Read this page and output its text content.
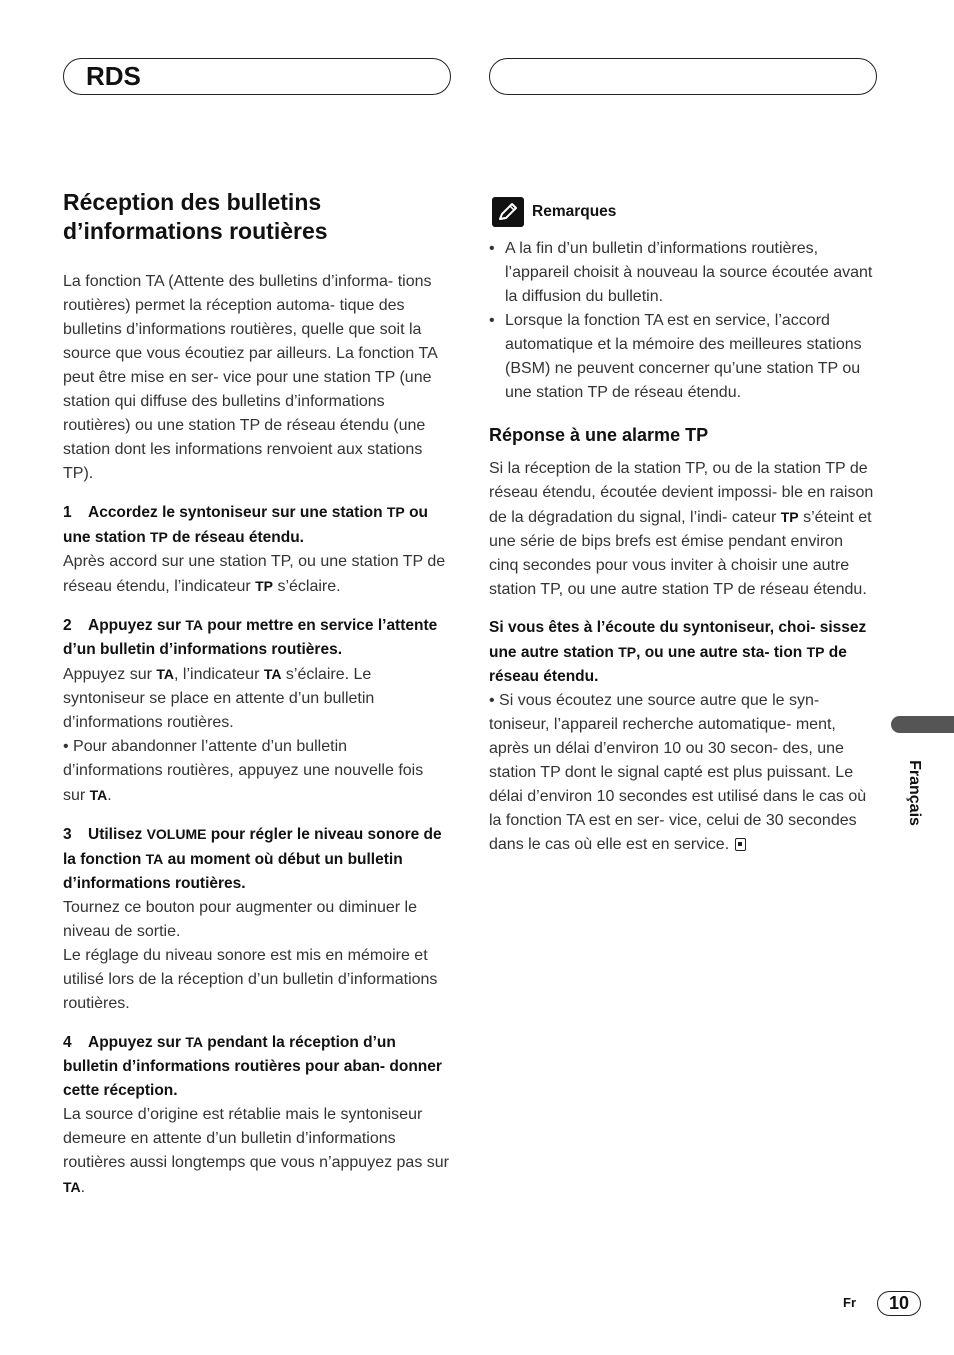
RDS
Réception des bulletins
d’informations routières

La fonction TA (Attente des bulletins d’informa- tions routières) permet la réception automa- tique des bulletins d’informations routières, quelle que soit la source que vous écoutiez par ailleurs. La fonction TA peut être mise en ser- vice pour une station TP (une station qui diffuse des bulletins d’informations routières) ou une station TP de réseau étendu (une station dont les informations renvoient aux stations TP).

1 Accordez le syntoniseur sur une station TP ou une station TP de réseau étendu.

Après accord sur une station TP, ou une station TP de réseau étendu, l’indicateur TP s’éclaire.

2 Appuyez sur TA pour mettre en service l’attente d’un bulletin d’informations routières.

Appuyez sur TA, l’indicateur TA s’éclaire. Le syntoniseur se place en attente d’un bulletin d’informations routières.

• Pour abandonner l’attente d’un bulletin d’informations routières, appuyez une nouvelle fois sur TA.

3 Utilisez VOLUME pour régler le niveau sonore de la fonction TA au moment où début un bulletin d’informations routières.

Tournez ce bouton pour augmenter ou diminuer le niveau de sortie.

Le réglage du niveau sonore est mis en mémoire et utilisé lors de la réception d’un bulletin d’informations routières.

4 Appuyez sur TA pendant la réception d’un bulletin d’informations routières pour aban- donner cette réception.

La source d’origine est rétablie mais le syntoniseur demeure en attente d’un bulletin d’informations routières aussi longtemps que vous n’appuyez pas sur TA.

Remarques
• A la fin d’un bulletin d’informations routières, l’appareil choisit à nouveau la source écoutée avant la diffusion du bulletin.
• Lorsque la fonction TA est en service, l’accord automatique et la mémoire des meilleures stations (BSM) ne peuvent concerner qu’une station TP ou une station TP de réseau étendu.
Réponse à une alarme TP

Si la réception de la station TP, ou de la station TP de réseau étendu, écoutée devient impossi- ble en raison de la dégradation du signal, l’indi- cateur TP s’éteint et une série de bips brefs est émise pendant environ cinq secondes pour vous inviter à choisir une autre station TP, ou une autre station TP de réseau étendu.

Si vous êtes à l’écoute du syntoniseur, choi- sissez une autre station TP, ou une autre sta- tion TP de réseau étendu.

• Si vous écoutez une source autre que le syn- toniseur, l’appareil recherche automatique- ment, après un délai d’environ 10 ou 30 secon- des, une station TP dont le signal capté est plus puissant. Le délai d’environ 10 secondes est utilisé dans le cas où la fonction TA est en ser- vice, celui de 30 secondes dans le cas où elle est en service.

Français
Fr	10
